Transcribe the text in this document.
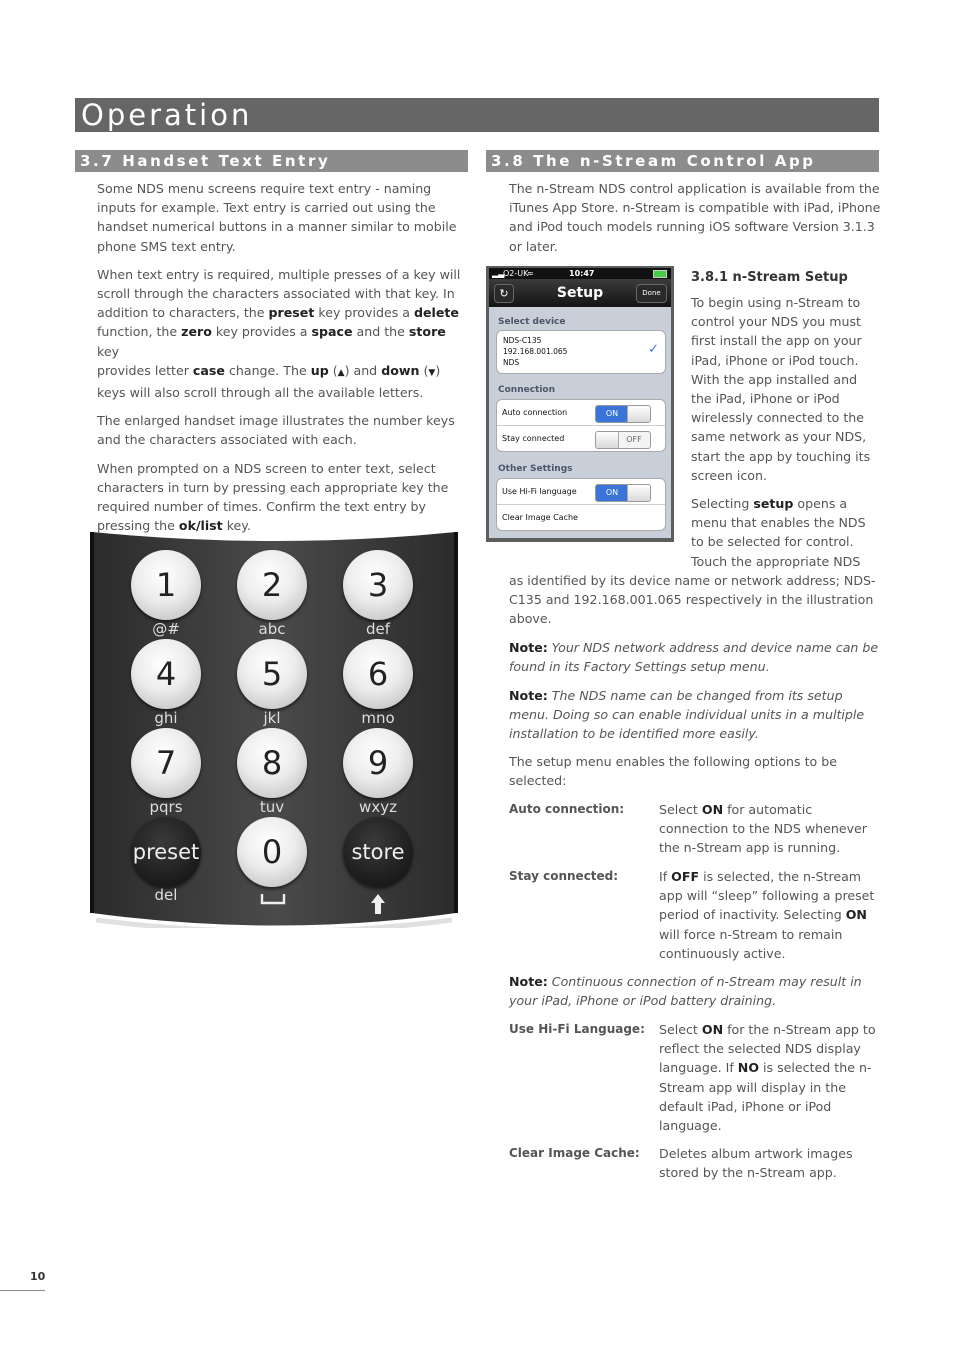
Operation
3.7 Handset Text Entry

Some NDS menu screens require text entry - naming inputs for example. Text entry is carried out using the handset numerical buttons in a manner similar to mobile phone SMS text entry.

When text entry is required, multiple presses of a key will
scroll through the characters associated with that key. In
addition to characters, the preset key provides a delete
function, the zero key provides a space and the store key
provides letter case change. The up (▲) and down (▼)
keys will also scroll through all the available letters.

The enlarged handset image illustrates the number keys and the characters associated with each.

When prompted on a NDS screen to enter text, select characters in turn by pressing each appropriate key the required number of times. Confirm the text entry by pressing the ok/list key.

1	2	3
@#	abc	def
4	5	6
ghi	jkl	mno
7	8	9
pqrs	tuv	wxyz
preset	0	store
del
3.8 The n-Stream Control App
The n-Stream NDS control application is available from the iTunes App Store. n-Stream is compatible with iPad, iPhone and iPod touch models running iOS software Version 3.1.3 or later.
▂▃
O2-UK
≈	10:47
↻	Setup	Done
Select device
NDS-C135
192.168.001.065
NDS
✓
Connection
Auto connection	ON
Stay connected	OFF
Other Settings
Use Hi-Fi language	ON
Clear Image Cache
3.8.1 n-Stream Setup
To begin using n-Stream to control your NDS you must first install the app on your iPad, iPhone or iPod touch. With the app installed and the iPad, iPhone or iPod wirelessly connected to the same network as your NDS, start the app by touching its screen icon.
Selecting setup opens a menu that enables the NDS to be selected for control. Touch the appropriate NDS
as identified by its device name or network address; NDS-C135 and 192.168.001.065 respectively in the illustration above.
Note: Your NDS network address and device name can be found in its Factory Settings setup menu.
Note: The NDS name can be changed from its setup menu. Doing so can enable individual units in a multiple installation to be identified more easily.
The setup menu enables the following options to be selected:
Auto connection:	Select ON for automatic connection to the NDS whenever the n-Stream app is running.
Stay connected:	If OFF is selected, the n-Stream app will “sleep” following a preset period of inactivity. Selecting ON will force n-Stream to remain continuously active.
Note: Continuous connection of n-Stream may result in your iPad, iPhone or iPod battery draining.
Use Hi-Fi Language: Select ON for the n-Stream app to reflect the selected NDS display language. If NO is selected the n-Stream app will display in the default iPad, iPhone or iPod language.
Clear Image Cache: Deletes album artwork images stored by the n-Stream app.
10
